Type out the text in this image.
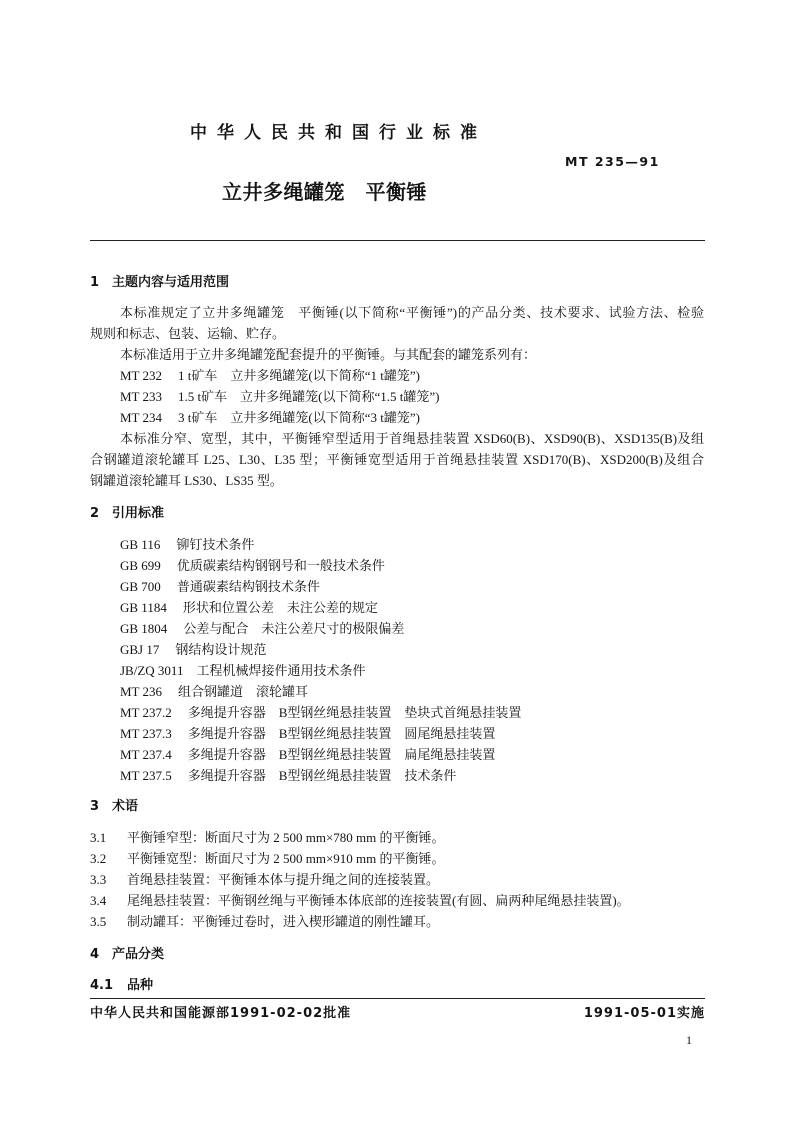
中华人民共和国行业标准
MT 235—91
立井多绳罐笼　平衡锤
1 主题内容与适用范围
本标准规定了立井多绳罐笼　平衡锤(以下简称“平衡锤”)的产品分类、技术要求、试验方法、检验
规则和标志、包装、运输、贮存。
本标准适用于立井多绳罐笼配套提升的平衡锤。与其配套的罐笼系列有：
MT 232 1 t矿车 立井多绳罐笼(以下简称“1 t罐笼”)
MT 233 1.5 t矿车 立井多绳罐笼(以下简称“1.5 t罐笼”)
MT 234 3 t矿车 立井多绳罐笼(以下简称“3 t罐笼”)
本标准分窄、宽型，其中，平衡锤窄型适用于首绳悬挂装置 XSD60(B)、XSD90(B)、XSD135(B)及组
合钢罐道滚轮罐耳 L25、L30、L35 型；平衡锤宽型适用于首绳悬挂装置 XSD170(B)、XSD200(B)及组合
钢罐道滚轮罐耳 LS30、LS35 型。
2 引用标准
GB 116 铆钉技术条件
GB 699 优质碳素结构钢钢号和一般技术条件
GB 700 普通碳素结构钢技术条件
GB 1184 形状和位置公差　未注公差的规定
GB 1804 公差与配合　未注公差尺寸的极限偏差
GBJ 17 钢结构设计规范
JB/ZQ 3011 工程机械焊接件通用技术条件
MT 236 组合钢罐道　滚轮罐耳
MT 237.2 多绳提升容器　B型钢丝绳悬挂装置　垫块式首绳悬挂装置
MT 237.3 多绳提升容器　B型钢丝绳悬挂装置　圆尾绳悬挂装置
MT 237.4 多绳提升容器　B型钢丝绳悬挂装置　扁尾绳悬挂装置
MT 237.5 多绳提升容器　B型钢丝绳悬挂装置　技术条件
3 术语
3.1 平衡锤窄型：断面尺寸为 2 500 mm×780 mm 的平衡锤。
3.2 平衡锤宽型：断面尺寸为 2 500 mm×910 mm 的平衡锤。
3.3 首绳悬挂装置：平衡锤本体与提升绳之间的连接装置。
3.4 尾绳悬挂装置：平衡钢丝绳与平衡锤本体底部的连接装置(有圆、扁两种尾绳悬挂装置)。
3.5 制动罐耳：平衡锤过卷时，进入楔形罐道的刚性罐耳。
4 产品分类
4.1 品种
中华人民共和国能源部1991-02-02批准	1991-05-01实施
1
